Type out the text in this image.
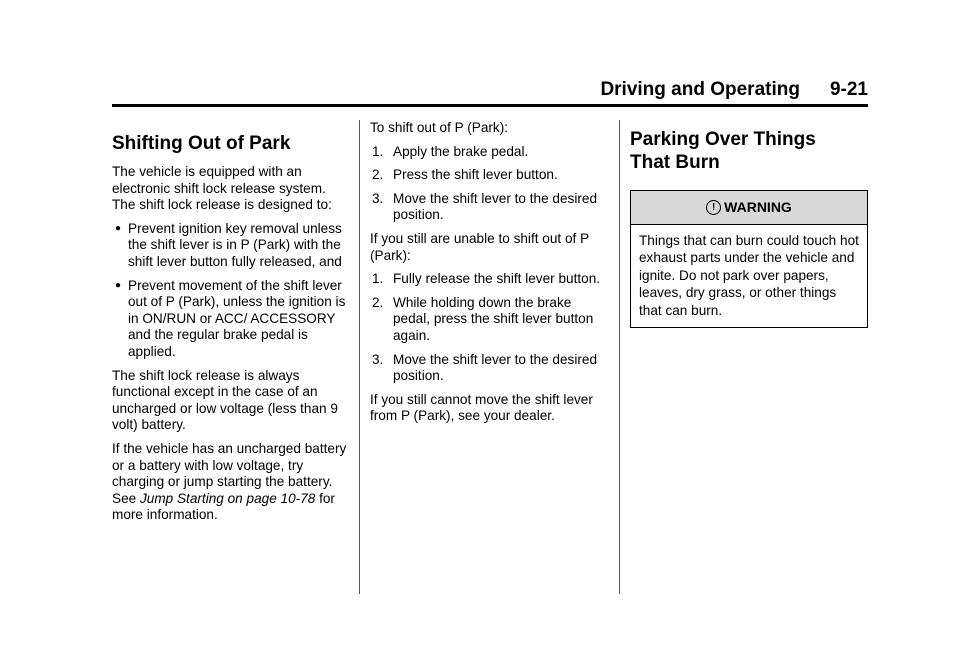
Driving and Operating 9-21
Shifting Out of Park

The vehicle is equipped with an electronic shift lock release system. The shift lock release is designed to:

● Prevent ignition key removal unless the shift lever is in P (Park) with the shift lever button fully released, and
● Prevent movement of the shift lever out of P (Park), unless the ignition is in ON/RUN or ACC/ ACCESSORY and the regular brake pedal is applied.

The shift lock release is always functional except in the case of an uncharged or low voltage (less than 9 volt) battery.

If the vehicle has an uncharged battery or a battery with low voltage, try charging or jump starting the battery. See Jump Starting on page 10-78 for more information.

To shift out of P (Park):

1. Apply the brake pedal.
2. Press the shift lever button.
3. Move the shift lever to the desired position.

If you still are unable to shift out of P (Park):

1. Fully release the shift lever button.
2. While holding down the brake pedal, press the shift lever button again.
3. Move the shift lever to the desired position.

If you still cannot move the shift lever from P (Park), see your dealer.

Parking Over Things
That Burn
! WARNING
Things that can burn could touch hot exhaust parts under the vehicle and ignite. Do not park over papers, leaves, dry grass, or other things that can burn.
